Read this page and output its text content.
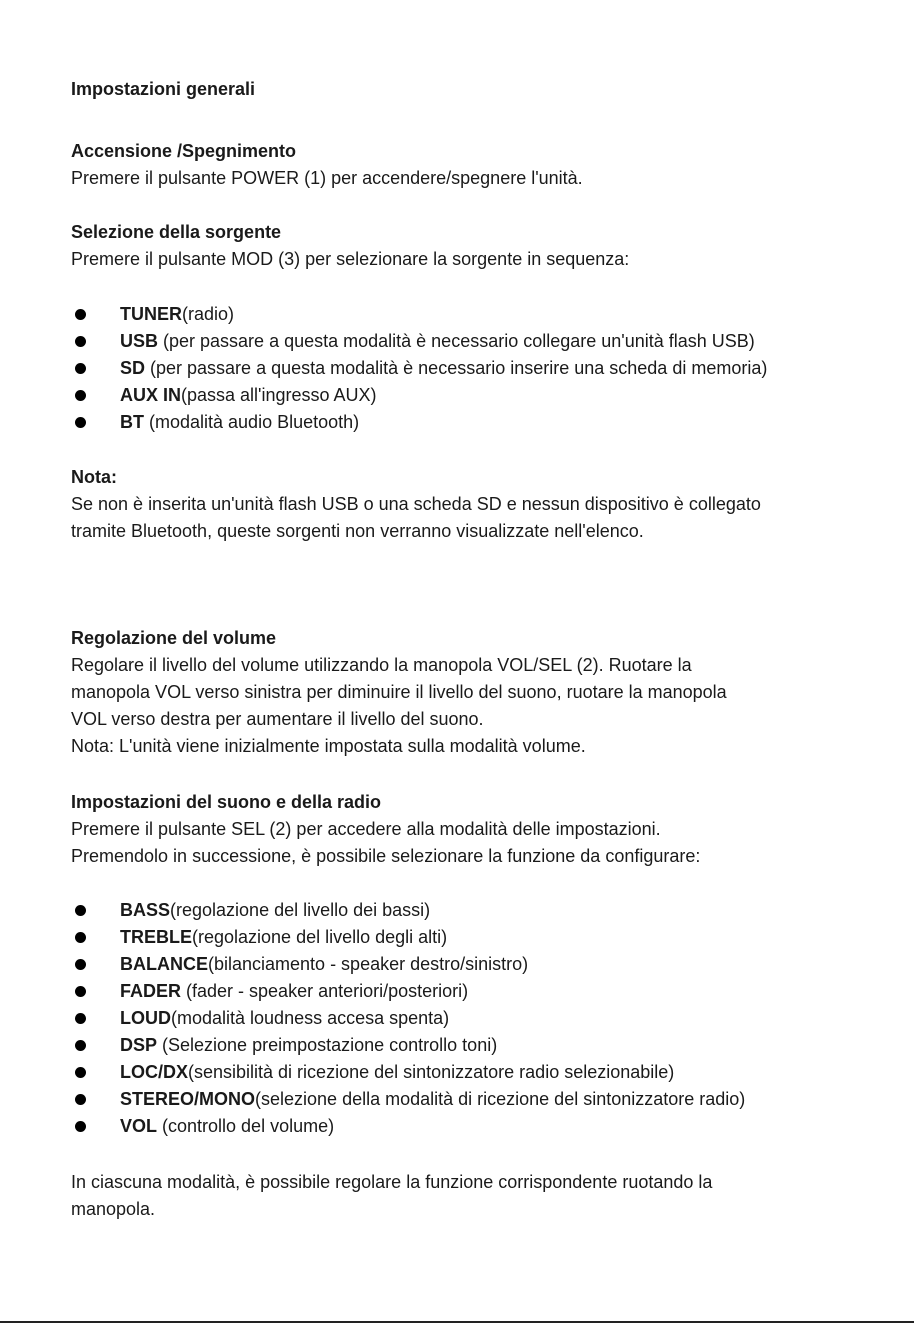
Impostazioni generali
Accensione /Spegnimento
Premere il pulsante POWER (1) per accendere/spegnere l'unità.
Selezione della sorgente
Premere il pulsante MOD (3) per selezionare la sorgente in sequenza:
TUNER(radio)
USB (per passare a questa modalità è necessario collegare un'unità flash USB)
SD (per passare a questa modalità è necessario inserire una scheda di memoria)
AUX IN(passa all'ingresso AUX)
BT (modalità audio Bluetooth)
Nota:
Se non è inserita un'unità flash USB o una scheda SD e nessun dispositivo è collegato
tramite Bluetooth, queste sorgenti non verranno visualizzate nell'elenco.
Regolazione del volume
Regolare il livello del volume utilizzando la manopola VOL/SEL (2). Ruotare la
manopola VOL verso sinistra per diminuire il livello del suono, ruotare la manopola
VOL verso destra per aumentare il livello del suono.
Nota: L'unità viene inizialmente impostata sulla modalità volume.
Impostazioni del suono e della radio
Premere il pulsante SEL (2) per accedere alla modalità delle impostazioni.
Premendolo in successione, è possibile selezionare la funzione da configurare:
BASS(regolazione del livello dei bassi)
TREBLE(regolazione del livello degli alti)
BALANCE(bilanciamento - speaker destro/sinistro)
FADER (fader - speaker anteriori/posteriori)
LOUD(modalità loudness accesa spenta)
DSP (Selezione preimpostazione controllo toni)
LOC/DX(sensibilità di ricezione del sintonizzatore radio selezionabile)
STEREO/MONO(selezione della modalità di ricezione del sintonizzatore radio)
VOL (controllo del volume)
In ciascuna modalità, è possibile regolare la funzione corrispondente ruotando la
manopola.
